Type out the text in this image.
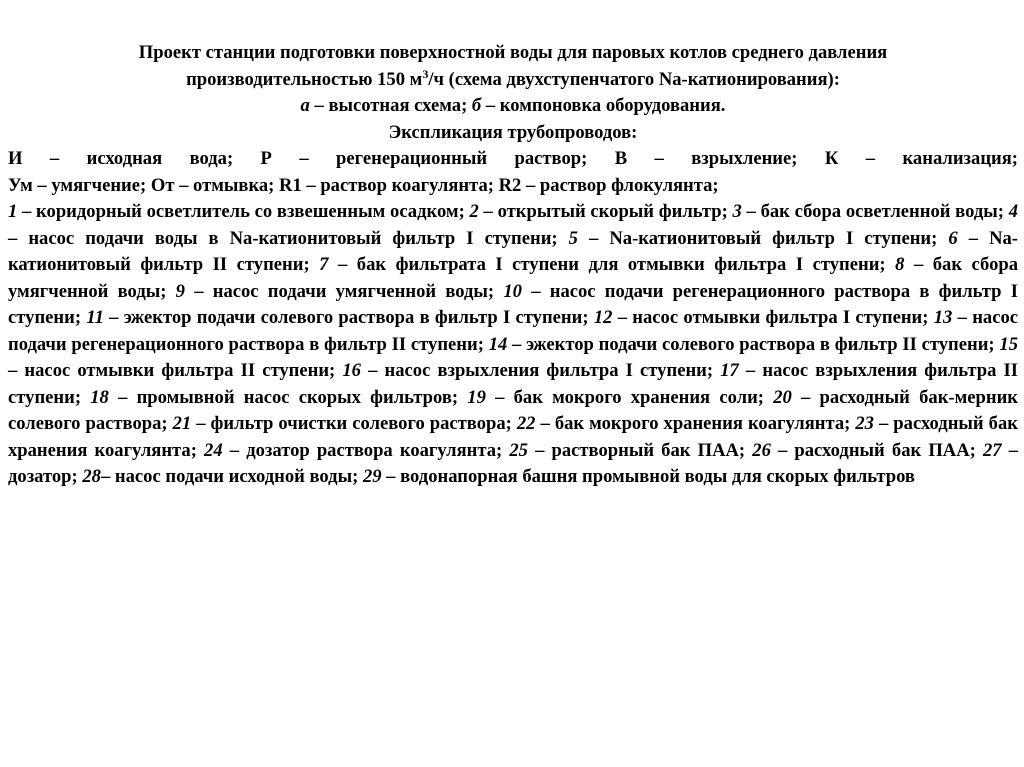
Проект станции подготовки поверхностной воды для паровых котлов среднего давления
производительностью 150 $м^3/ч$ (схема двухступенчатого Na-катионирования):
а – высотная схема; б – компоновка оборудования.
Экспликация трубопроводов:
И – исходная вода; Р – регенерационный раствор; В – взрыхление; К – канализация;
Ум – умягчение; От – отмывка; R1 – раствор коагулянта; R2 – раствор флокулянта;
1 – коридорный осветлитель со взвешенным осадком; 2 – открытый скорый фильтр; 3 – бак сбора осветленной воды; 4 – насос подачи воды в Na-катионитовый фильтр I ступени; 5 – Na-катионитовый фильтр I ступени; 6 – Na-катионитовый фильтр II ступени; 7 – бак фильтрата I ступени для отмывки фильтра I ступени; 8 – бак сбора умягченной воды; 9 – насос подачи умягченной воды; 10 – насос подачи регенерационного раствора в фильтр I ступени; 11 – эжектор подачи солевого раствора в фильтр I ступени; 12 – насос отмывки фильтра I ступени; 13 – насос подачи регенерационного раствора в фильтр II ступени; 14 – эжектор подачи солевого раствора в фильтр II ступени; 15 – насос отмывки фильтра II ступени; 16 – насос взрыхления фильтра I ступени; 17 – насос взрыхления фильтра II ступени; 18 – промывной насос скорых фильтров; 19 – бак мокрого хранения соли; 20 – расходный бак-мерник солевого раствора; 21 – фильтр очистки солевого раствора; 22 – бак мокрого хранения коагулянта; 23 – расходный бак хранения коагулянта; 24 – дозатор раствора коагулянта; 25 – растворный бак ПАА; 26 – расходный бак ПАА; 27 – дозатор; 28– насос подачи исходной воды; 29 – водонапорная башня промывной воды для скорых фильтров
